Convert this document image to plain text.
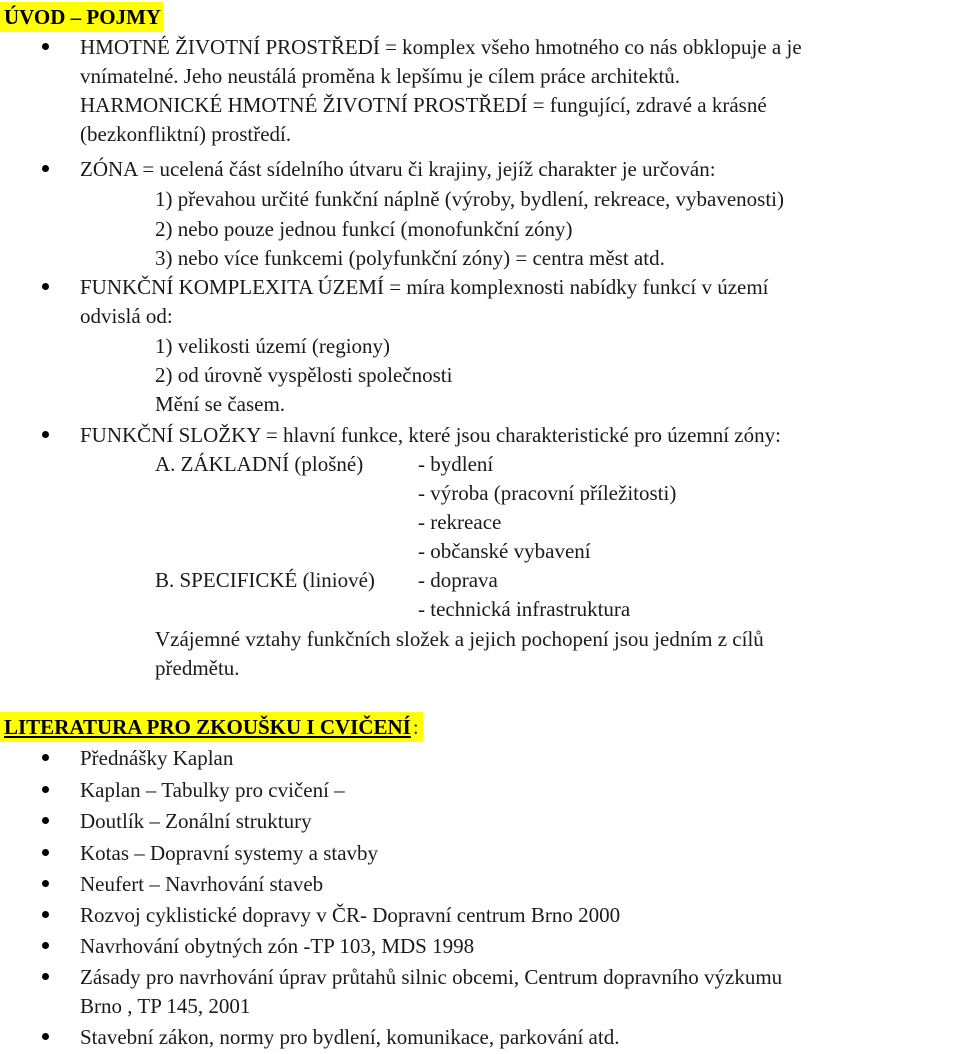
ÚVOD – POJMY
HMOTNÉ ŽIVOTNÍ PROSTŘEDÍ = komplex všeho hmotného co nás obklopuje a je
vnímatelné. Jeho neustálá proměna k lepšímu je cílem práce architektů.
HARMONICKÉ HMOTNÉ ŽIVOTNÍ PROSTŘEDÍ = fungující, zdravé a krásné
(bezkonfliktní) prostředí.
ZÓNA = ucelená část sídelního útvaru či krajiny, jejíž charakter je určován:
1) převahou určité funkční náplně (výroby, bydlení, rekreace, vybavenosti)
2) nebo pouze jednou funkcí (monofunkční zóny)
3) nebo více funkcemi (polyfunkční zóny) = centra měst atd.
FUNKČNÍ KOMPLEXITA ÚZEMÍ = míra komplexnosti nabídky funkcí v území
odvislá od:
1) velikosti území (regiony)
2) od úrovně vyspělosti společnosti
Mění se časem.
FUNKČNÍ SLOŽKY = hlavní funkce, které jsou charakteristické pro územní zóny:
A. ZÁKLADNÍ (plošné)	- bydlení
- výroba (pracovní příležitosti)
- rekreace
- občanské vybavení
B. SPECIFICKÉ (liniové) - doprava
- technická infrastruktura
Vzájemné vztahy funkčních složek a jejich pochopení jsou jedním z cílů
předmětu.
LITERATURA PRO ZKOUŠKU I CVIČENÍ:
Přednášky Kaplan
Kaplan – Tabulky pro cvičení –
Doutlík – Zonální struktury
Kotas – Dopravní systemy a stavby
Neufert – Navrhování staveb
Rozvoj cyklistické dopravy v ČR- Dopravní centrum Brno 2000
Navrhování obytných zón -TP 103, MDS 1998
Zásady pro navrhování úprav průtahů silnic obcemi, Centrum dopravního výzkumu
Brno , TP 145, 2001
Stavební zákon, normy pro bydlení, komunikace, parkování atd.
